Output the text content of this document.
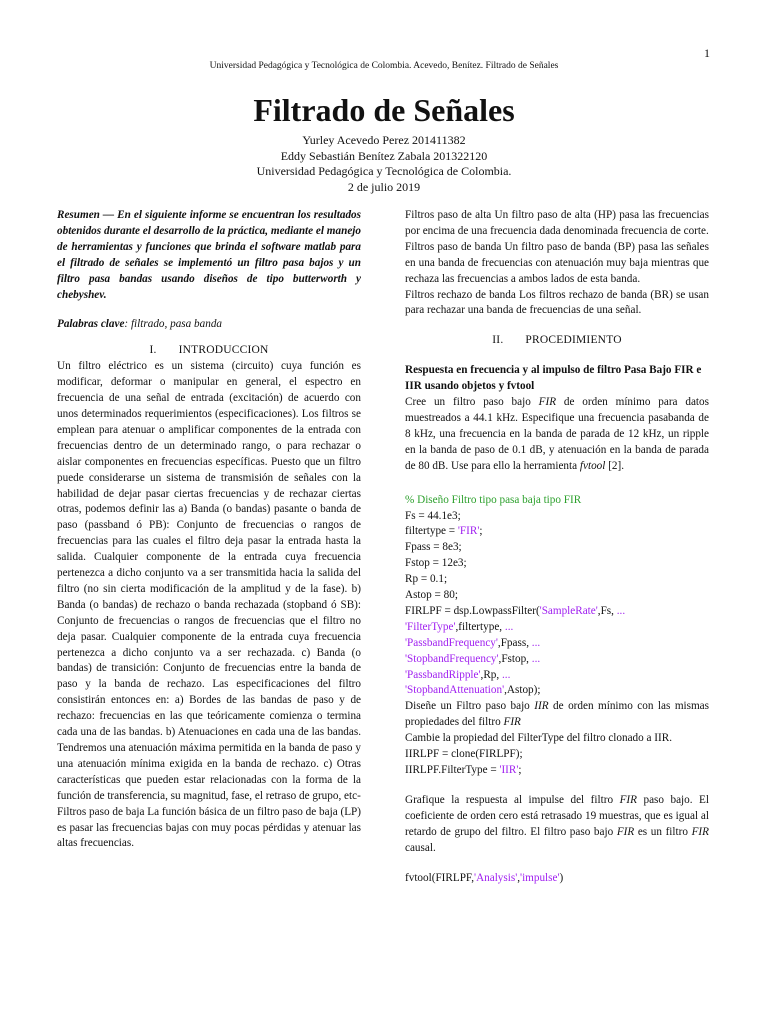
1
Universidad Pedagógica y Tecnológica de Colombia. Acevedo, Benítez. Filtrado de Señales
Filtrado de Señales
Yurley Acevedo Perez 201411382
Eddy Sebastián Benítez Zabala 201322120
Universidad Pedagógica y Tecnológica de Colombia.
2 de julio 2019

Resumen — En el siguiente informe se encuentran los resultados obtenidos durante el desarrollo de la práctica, mediante el manejo de herramientas y funciones que brinda el software matlab para el filtrado de señales se implementó un filtro pasa bajos y un filtro pasa bandas usando diseños de tipo butterworth y chebyshev.

Palabras clave: filtrado, pasa banda

I. INTRODUCCION

Un filtro eléctrico es un sistema (circuito) cuya función es modificar, deformar o manipular en general, el espectro en frecuencia de una señal de entrada (excitación) de acuerdo con unos determinados requerimientos (especificaciones). Los filtros se emplean para atenuar o amplificar componentes de la entrada con frecuencias dentro de un determinado rango, o para rechazar o aislar componentes en frecuencias específicas. Puesto que un filtro puede considerarse un sistema de transmisión de señales con la habilidad de dejar pasar ciertas frecuencias y de rechazar ciertas otras, podemos definir las a) Banda (o bandas) pasante o banda de paso (passband ó PB): Conjunto de frecuencias o rangos de frecuencias para las cuales el filtro deja pasar la entrada hasta la salida. Cualquier componente de la entrada cuya frecuencia pertenezca a dicho conjunto va a ser transmitida hacia la salida del filtro (no sin cierta modificación de la amplitud y de la fase). b) Banda (o bandas) de rechazo o banda rechazada (stopband ó SB): Conjunto de frecuencias o rangos de frecuencias que el filtro no deja pasar. Cualquier componente de la entrada cuya frecuencia pertenezca a dicho conjunto va a ser rechazada. c) Banda (o bandas) de transición: Conjunto de frecuencias entre la banda de paso y la banda de rechazo. Las especificaciones del filtro consistirán entonces en: a) Bordes de las bandas de paso y de rechazo: frecuencias en las que teóricamente comienza o termina cada una de las bandas. b) Atenuaciones en cada una de las bandas. Tendremos una atenuación máxima permitida en la banda de paso y una atenuación mínima exigida en la banda de rechazo. c) Otras características que pueden estar relacionadas con la forma de la función de transferencia, su magnitud, fase, el retraso de grupo, etc-

Filtros paso de baja La función básica de un filtro paso de baja (LP) es pasar las frecuencias bajas con muy pocas pérdidas y atenuar las altas frecuencias.

Filtros paso de alta Un filtro paso de alta (HP) pasa las frecuencias por encima de una frecuencia dada denominada frecuencia de corte.

Filtros paso de banda Un filtro paso de banda (BP) pasa las señales en una banda de frecuencias con atenuación muy baja mientras que rechaza las frecuencias a ambos lados de esta banda.

Filtros rechazo de banda Los filtros rechazo de banda (BR) se usan para rechazar una banda de frecuencias de una señal.

II. PROCEDIMIENTO

Respuesta en frecuencia y al impulso de filtro Pasa Bajo FIR e IIR usando objetos y fvtool

Cree un filtro paso bajo FIR de orden mínimo para datos muestreados a 44.1 kHz. Especifique una frecuencia pasabanda de 8 kHz, una frecuencia en la banda de parada de 12 kHz, un ripple en la banda de paso de 0.1 dB, y atenuación en la banda de parada de 80 dB. Use para ello la herramienta fvtool [2].

% Diseño Filtro tipo pasa baja tipo FIR
Fs = 44.1e3;
filtertype = 'FIR';
Fpass = 8e3;
Fstop = 12e3;
Rp = 0.1;
Astop = 80;
FIRLPF = dsp.LowpassFilter('SampleRate',Fs, ...
'FilterType',filtertype, ...
'PassbandFrequency',Fpass, ...
'StopbandFrequency',Fstop, ...
'PassbandRipple',Rp, ...
'StopbandAttenuation',Astop);

Diseñe un Filtro paso bajo IIR de orden mínimo con las mismas propiedades del filtro FIR

Cambie la propiedad del FilterType del filtro clonado a IIR.

IIRLPF = clone(FIRLPF);
IIRLPF.FilterType = 'IIR';

Grafique la respuesta al impulse del filtro FIR paso bajo. El coeficiente de orden cero está retrasado 19 muestras, que es igual al retardo de grupo del filtro. El filtro paso bajo FIR es un filtro FIR causal.

fvtool(FIRLPF,'Analysis','impulse')
